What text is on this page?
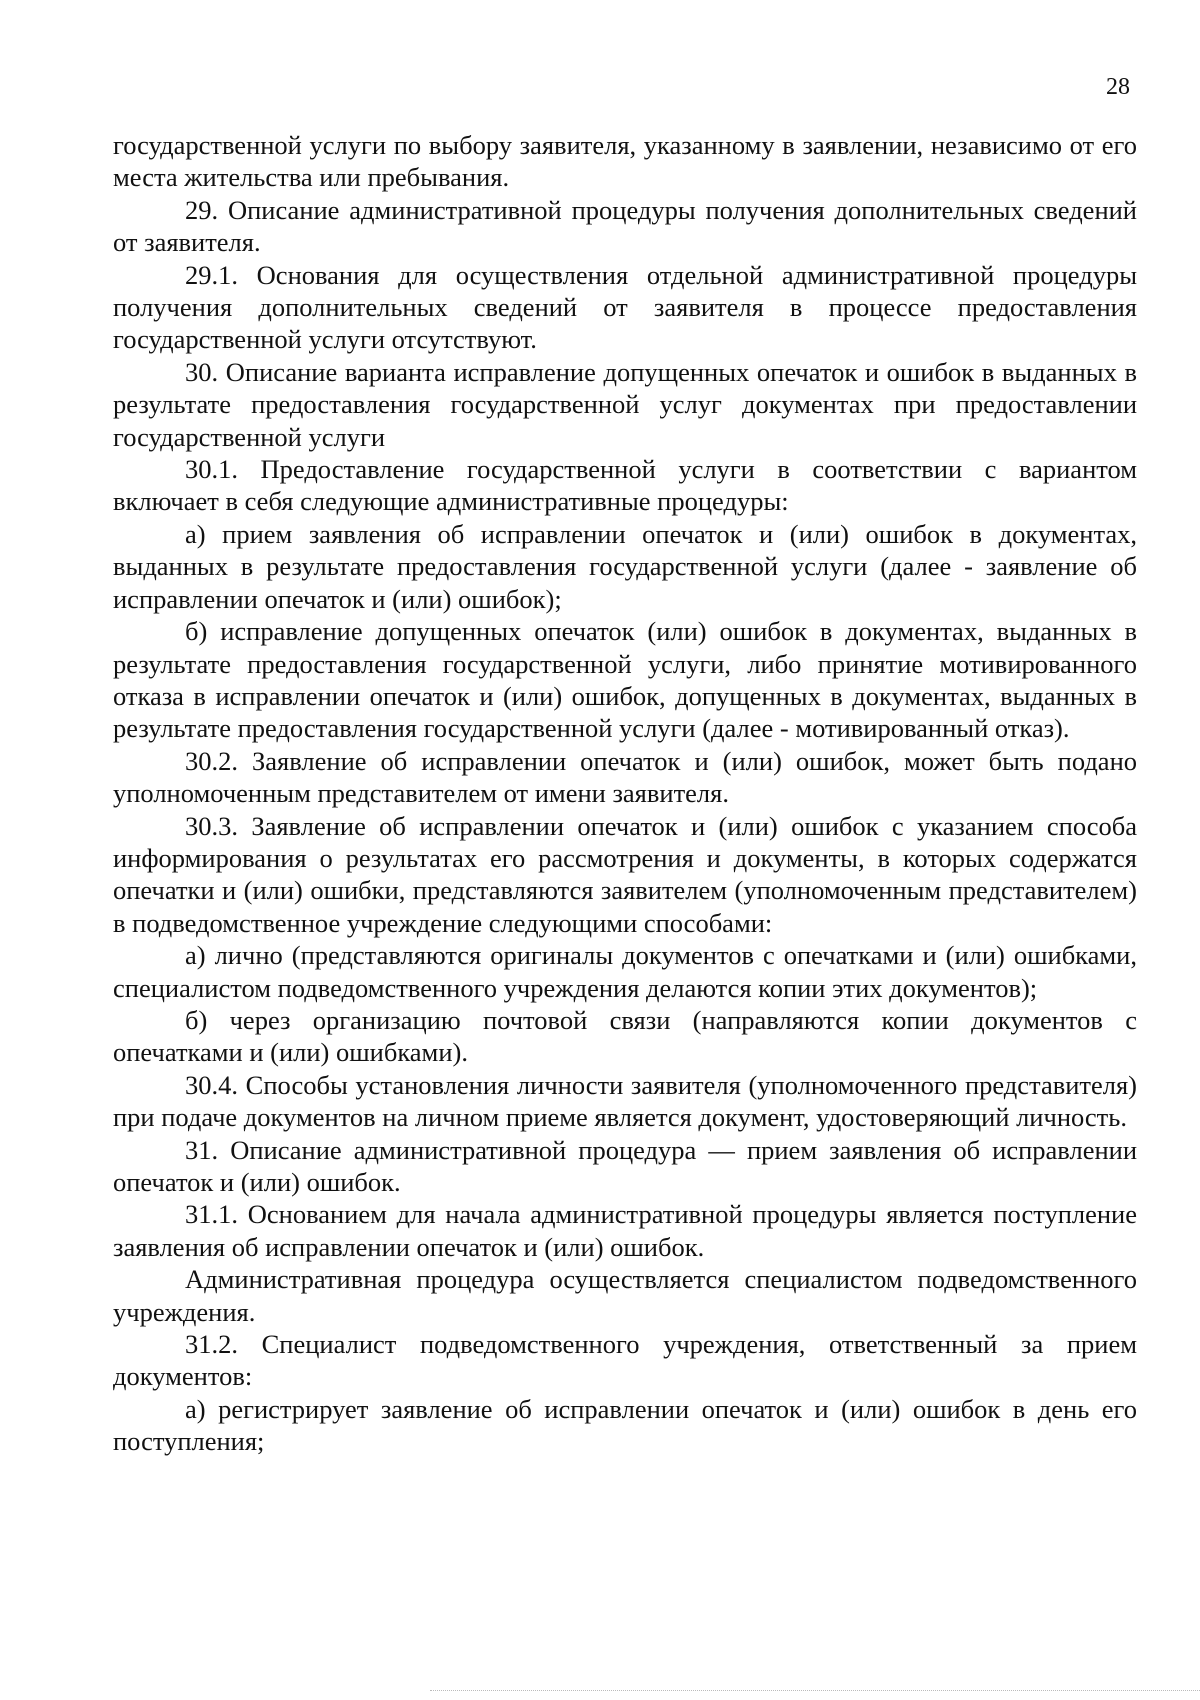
28

государственной услуги по выбору заявителя, указанному в заявлении, независимо от его места жительства или пребывания.

29. Описание административной процедуры получения дополнительных сведений от заявителя.

29.1. Основания для осуществления отдельной административной процедуры получения дополнительных сведений от заявителя в процессе предоставления государственной услуги отсутствуют.

30. Описание варианта исправление допущенных опечаток и ошибок в выданных в результате предоставления государственной услуг документах при предоставлении государственной услуги

30.1. Предоставление государственной услуги в соответствии с вариантом включает в себя следующие административные процедуры:

а) прием заявления об исправлении опечаток и (или) ошибок в документах, выданных в результате предоставления государственной услуги (далее - заявление об исправлении опечаток и (или) ошибок);

б) исправление допущенных опечаток (или) ошибок в документах, выданных в результате предоставления государственной услуги, либо принятие мотивированного отказа в исправлении опечаток и (или) ошибок, допущенных в документах, выданных в результате предоставления государственной услуги (далее - мотивированный отказ).

30.2. Заявление об исправлении опечаток и (или) ошибок, может быть подано уполномоченным представителем от имени заявителя.

30.3. Заявление об исправлении опечаток и (или) ошибок с указанием способа информирования о результатах его рассмотрения и документы, в которых содержатся опечатки и (или) ошибки, представляются заявителем (уполномоченным представителем) в подведомственное учреждение следующими способами:

а) лично (представляются оригиналы документов с опечатками и (или) ошибками, специалистом подведомственного учреждения делаются копии этих документов);

б) через организацию почтовой связи (направляются копии документов с опечатками и (или) ошибками).

30.4. Способы установления личности заявителя (уполномоченного представителя) при подаче документов на личном приеме является документ, удостоверяющий личность.

31. Описание административной процедура — прием заявления об исправлении опечаток и (или) ошибок.

31.1. Основанием для начала административной процедуры является поступление заявления об исправлении опечаток и (или) ошибок.

Административная процедура осуществляется специалистом подведомственного учреждения.

31.2. Специалист подведомственного учреждения, ответственный за прием документов:

а) регистрирует заявление об исправлении опечаток и (или) ошибок в день его поступления;
